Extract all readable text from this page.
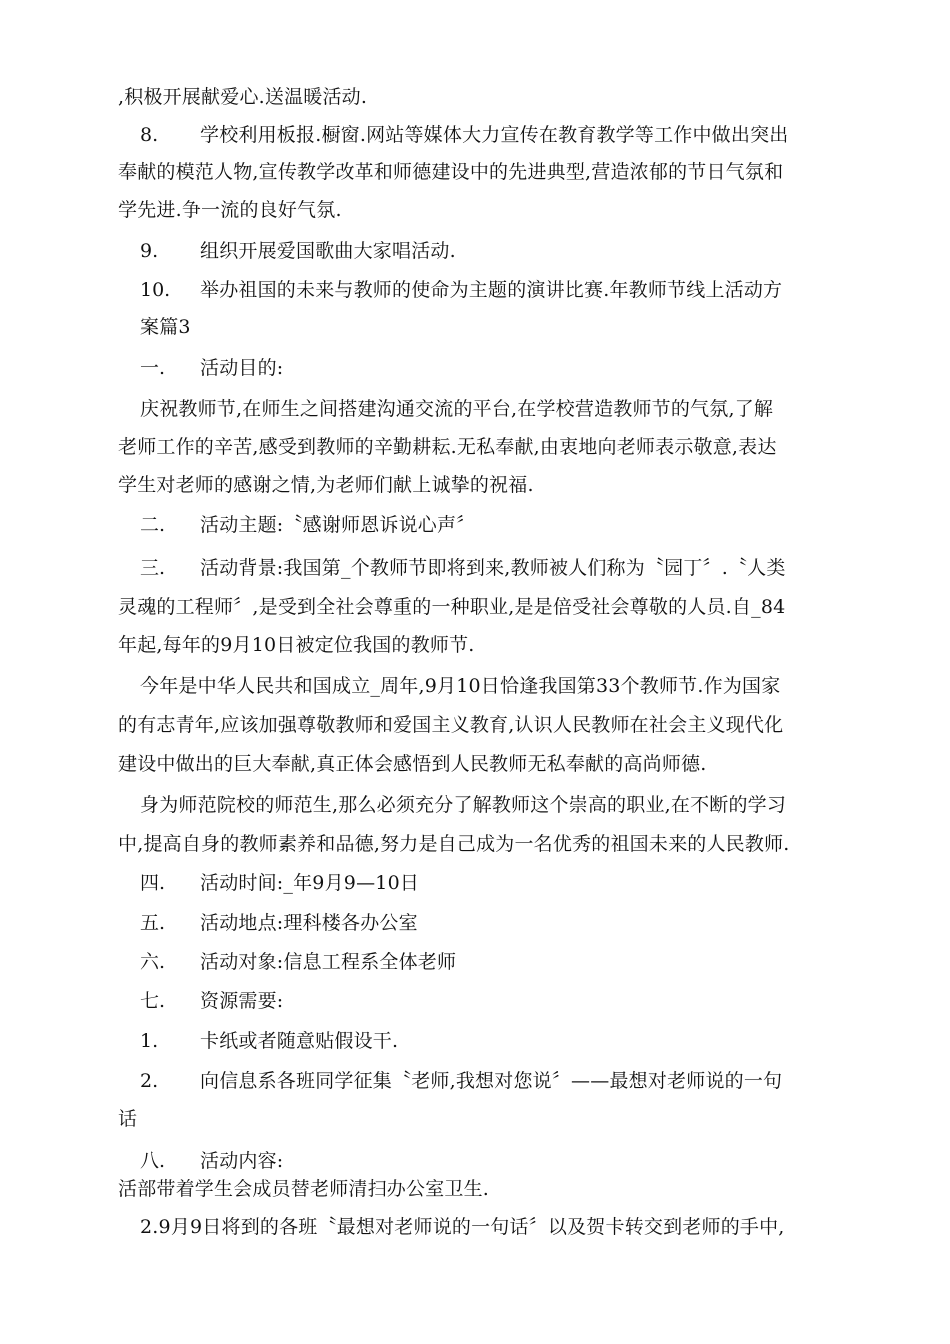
,积极开展献爱心.送温暖活动.
8. 学校利用板报.橱窗.网站等媒体大力宣传在教育教学等工作中做出突出
奉献的模范人物,宣传教学改革和师德建设中的先进典型,营造浓郁的节日气氛和
学先进.争一流的良好气氛.
9. 组织开展爱国歌曲大家唱活动.
10. 举办祖国的未来与教师的使命为主题的演讲比赛.年教师节线上活动方
案篇3
一. 活动目的:
庆祝教师节,在师生之间搭建沟通交流的平台,在学校营造教师节的气氛,了解
老师工作的辛苦,感受到教师的辛勤耕耘.无私奉献,由衷地向老师表示敬意,表达
学生对老师的感谢之情,为老师们献上诚挚的祝福.
二. 活动主题:〝感谢师恩诉说心声〞
三. 活动背景:我国第_个教师节即将到来,教师被人们称为〝园丁〞.〝人类
灵魂的工程师〞,是受到全社会尊重的一种职业,是是倍受社会尊敬的人员.自_84
年起,每年的9月10日被定位我国的教师节.
今年是中华人民共和国成立_周年,9月10日恰逢我国第33个教师节.作为国家
的有志青年,应该加强尊敬教师和爱国主义教育,认识人民教师在社会主义现代化
建设中做出的巨大奉献,真正体会感悟到人民教师无私奉献的高尚师德.
身为师范院校的师范生,那么必须充分了解教师这个崇高的职业,在不断的学习
中,提高自身的教师素养和品德,努力是自己成为一名优秀的祖国未来的人民教师.
四. 活动时间:_年9月9—10日
五. 活动地点:理科楼各办公室
六. 活动对象:信息工程系全体老师
七. 资源需要:
1. 卡纸或者随意贴假设干.
2. 向信息系各班同学征集〝老师,我想对您说〞——最想对老师说的一句
话
八. 活动内容:
活部带着学生会成员替老师清扫办公室卫生.
2.9月9日将到的各班〝最想对老师说的一句话〞以及贺卡转交到老师的手中,
